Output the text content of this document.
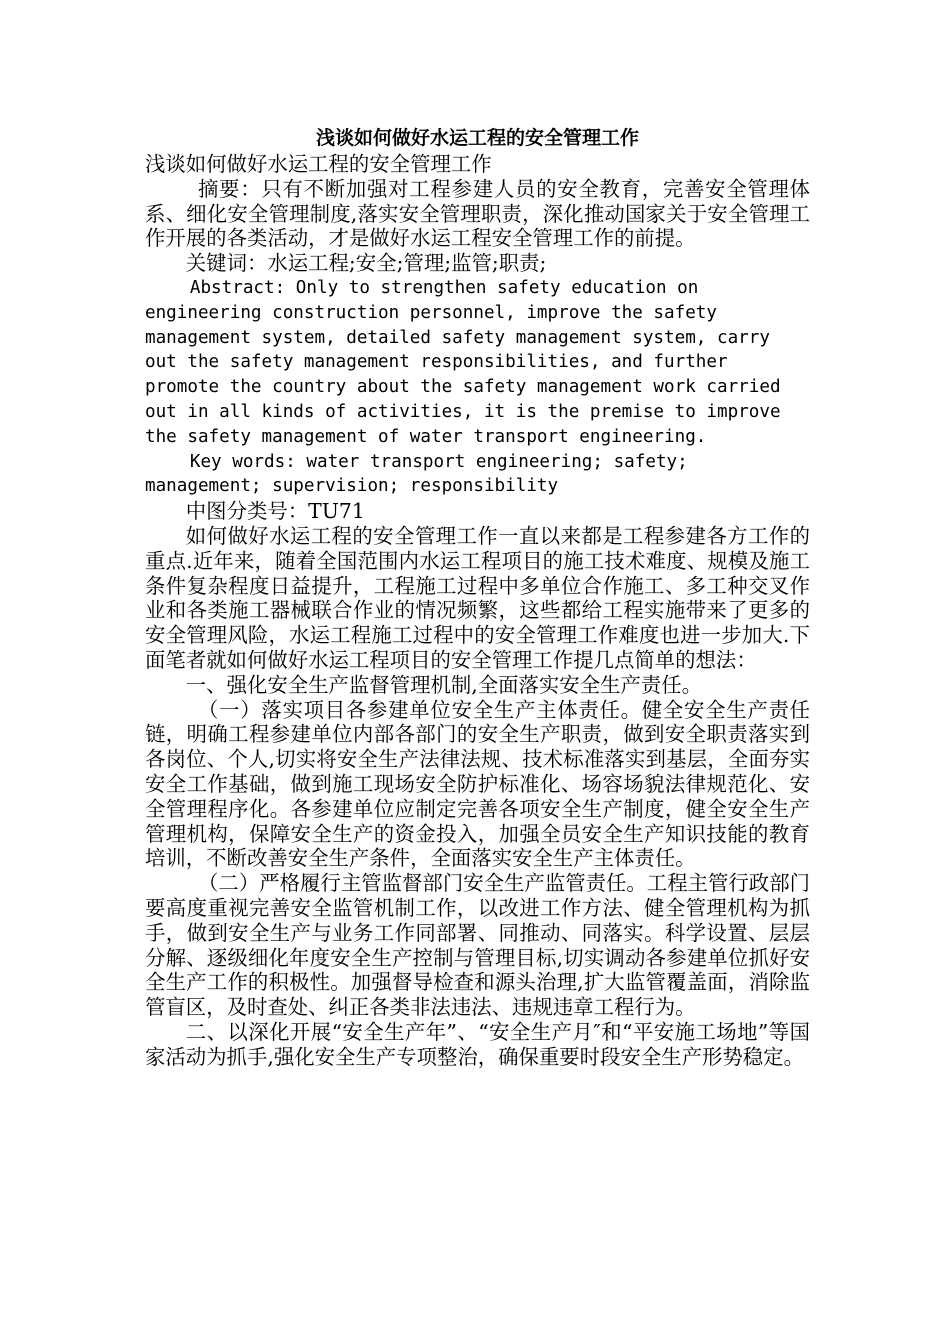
浅谈如何做好水运工程的安全管理工作
浅谈如何做好水运工程的安全管理工作
摘要：只有不断加强对工程参建人员的安全教育，完善安全管理体系、细化安全管理制度,落实安全管理职责，深化推动国家关于安全管理工作开展的各类活动，才是做好水运工程安全管理工作的前提。
关键词：水运工程;安全;管理;监管;职责;
Abstract: Only to strengthen safety education on engineering construction personnel, improve the safety management system, detailed safety management system, carry out the safety management responsibilities, and further promote the country about the safety management work carried out in all kinds of activities, it is the premise to improve the safety management of water transport engineering.
Key words: water transport engineering; safety; management; supervision; responsibility
中图分类号：TU71
如何做好水运工程的安全管理工作一直以来都是工程参建各方工作的重点.近年来，随着全国范围内水运工程项目的施工技术难度、规模及施工条件复杂程度日益提升，工程施工过程中多单位合作施工、多工种交叉作业和各类施工器械联合作业的情况频繁，这些都给工程实施带来了更多的安全管理风险，水运工程施工过程中的安全管理工作难度也进一步加大.下面笔者就如何做好水运工程项目的安全管理工作提几点简单的想法：
一、强化安全生产监督管理机制,全面落实安全生产责任。
（一）落实项目各参建单位安全生产主体责任。健全安全生产责任链，明确工程参建单位内部各部门的安全生产职责，做到安全职责落实到各岗位、个人,切实将安全生产法律法规、技术标准落实到基层，全面夯实安全工作基础，做到施工现场安全防护标准化、场容场貌法律规范化、安全管理程序化。各参建单位应制定完善各项安全生产制度，健全安全生产管理机构，保障安全生产的资金投入，加强全员安全生产知识技能的教育培训，不断改善安全生产条件，全面落实安全生产主体责任。
（二）严格履行主管监督部门安全生产监管责任。工程主管行政部门要高度重视完善安全监管机制工作，以改进工作方法、健全管理机构为抓手，做到安全生产与业务工作同部署、同推动、同落实。科学设置、层层分解、逐级细化年度安全生产控制与管理目标,切实调动各参建单位抓好安全生产工作的积极性。加强督导检查和源头治理,扩大监管覆盖面，消除监管盲区，及时查处、纠正各类非法违法、违规违章工程行为。
二、以深化开展“安全生产年”、“安全生产月″和“平安施工场地”等国家活动为抓手,强化安全生产专项整治，确保重要时段安全生产形势稳定。
